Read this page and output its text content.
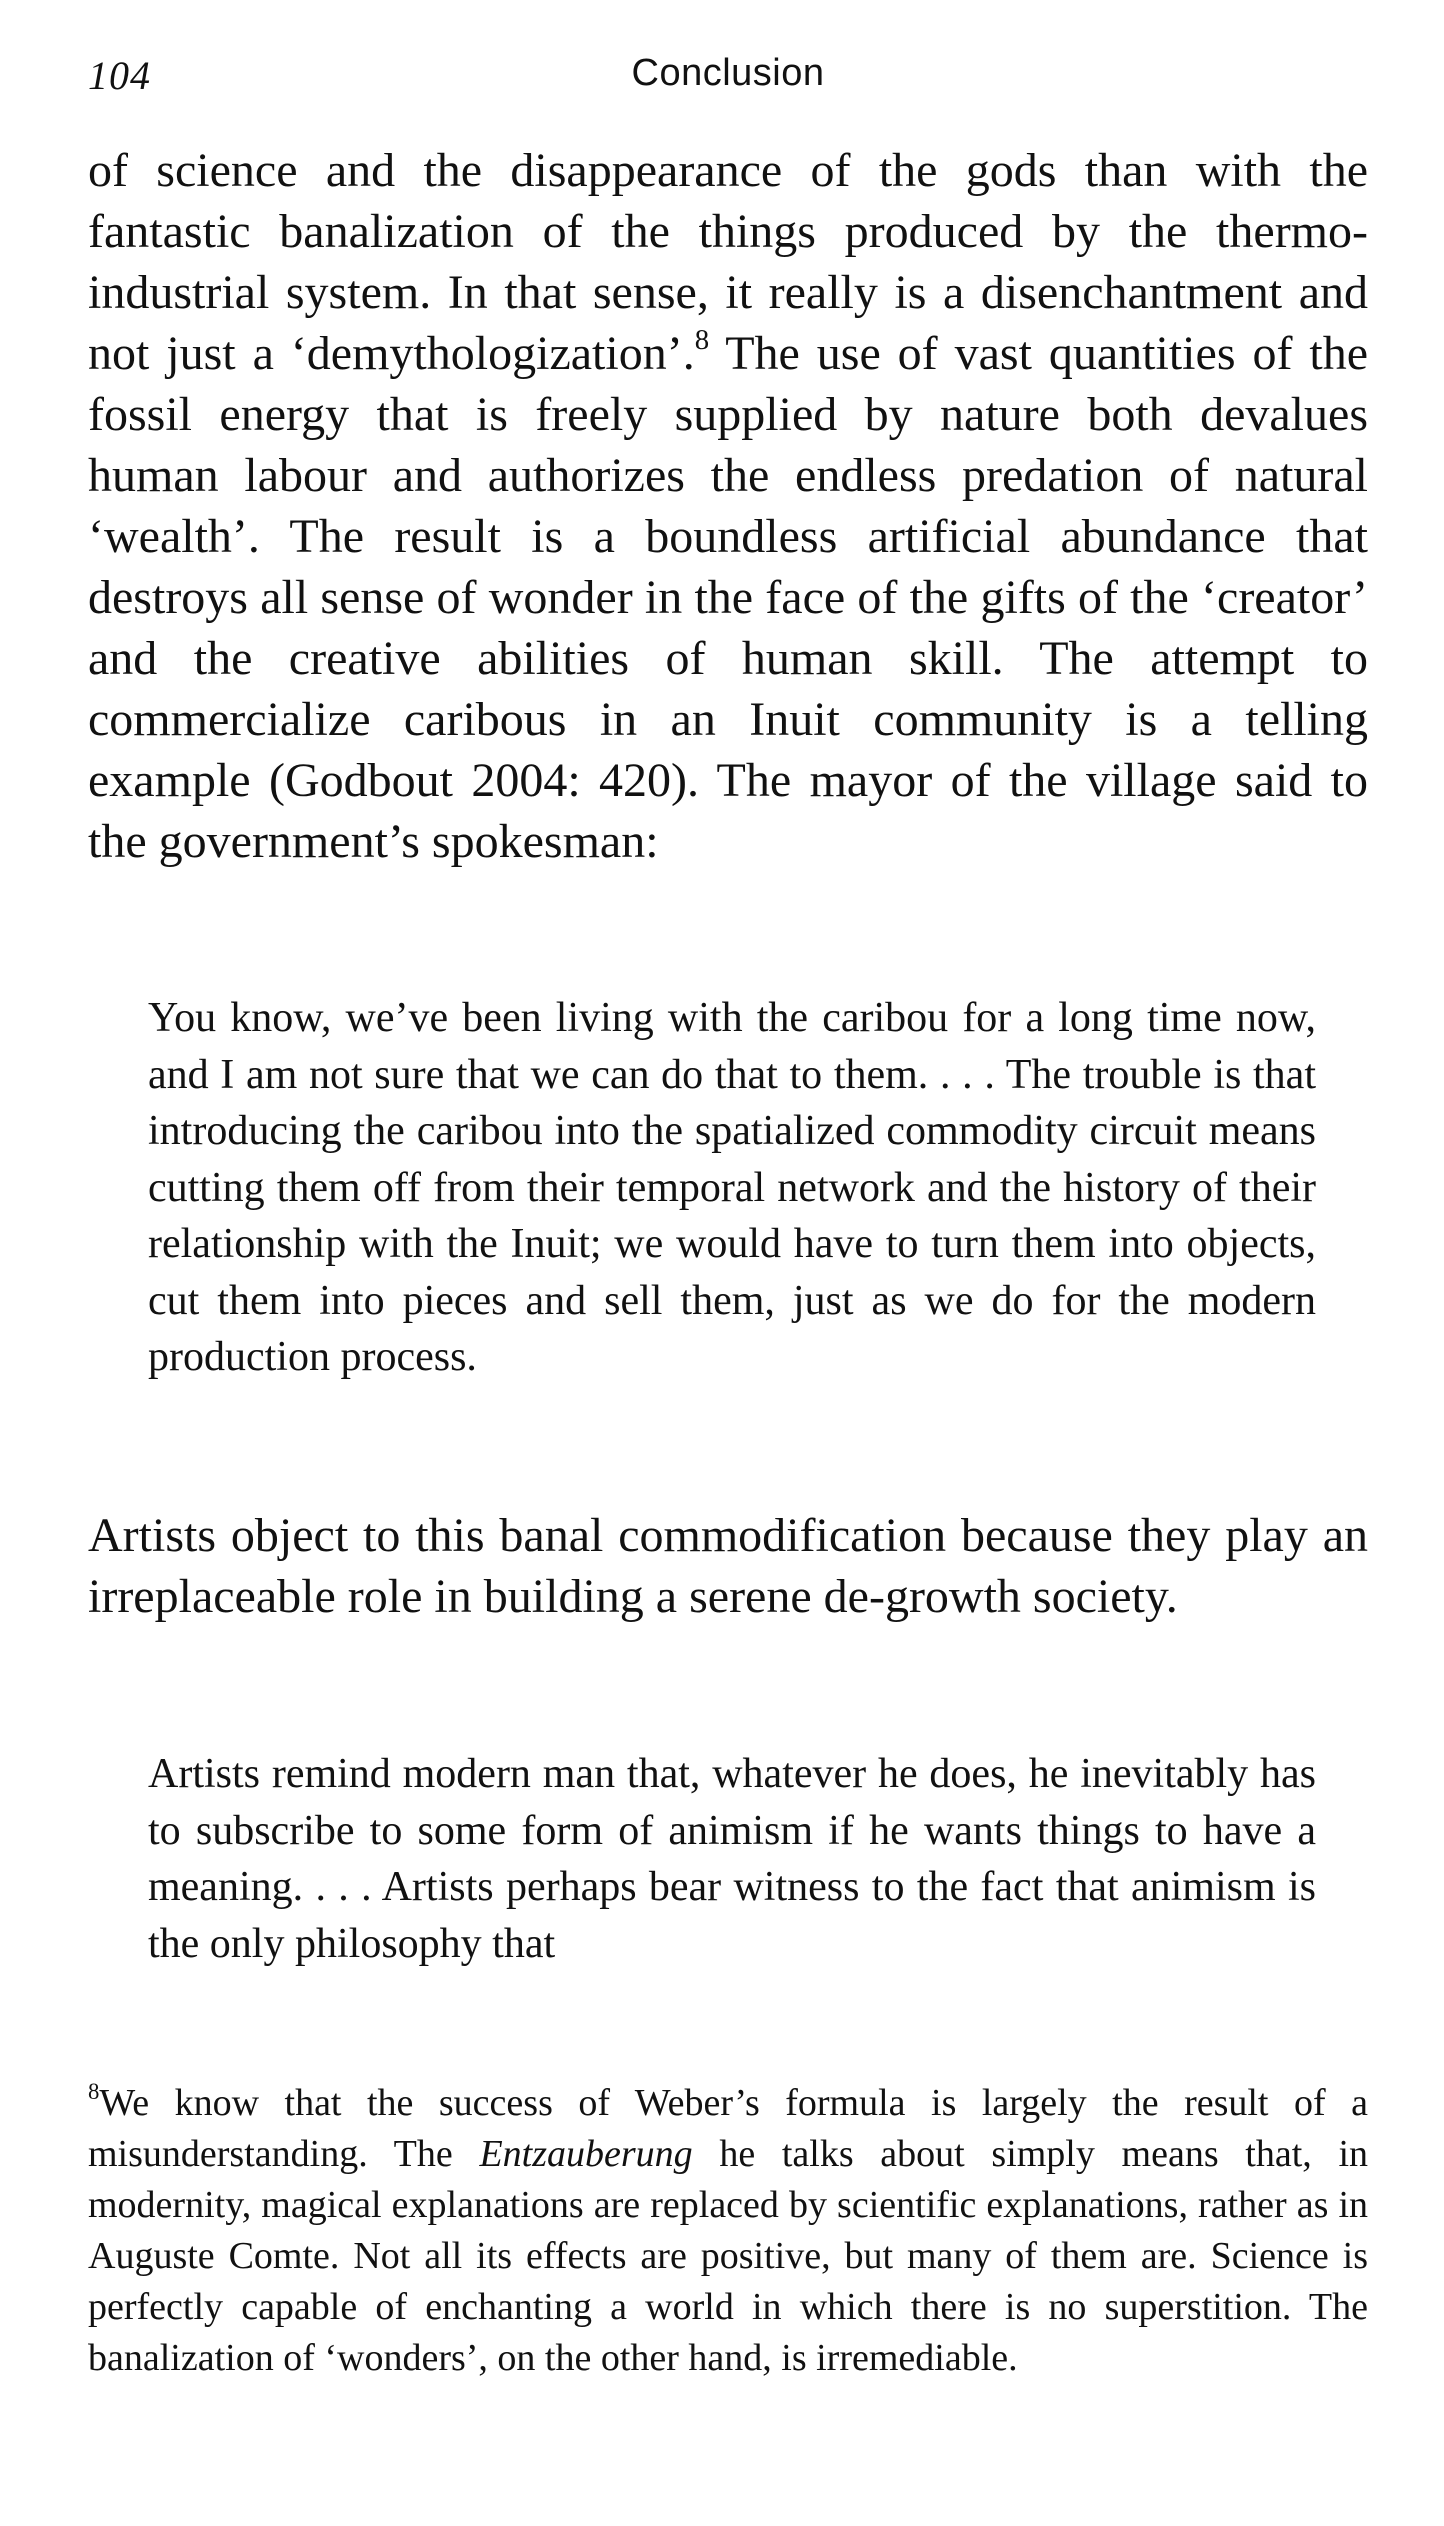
104	Conclusion

of science and the disappearance of the gods than with the fantastic banalization of the things produced by the thermo-industrial system. In that sense, it really is a disenchantment and not just a ‘demythologization’.$^8$ The use of vast quantities of the fossil energy that is freely supplied by nature both devalues human labour and authorizes the endless predation of natural ‘wealth’. The result is a boundless artificial abundance that destroys all sense of wonder in the face of the gifts of the ‘creator’ and the creative abilities of human skill. The attempt to commercialize caribous in an Inuit community is a telling example (Godbout 2004: 420). The mayor of the village said to the government’s spokesman:

You know, we’ve been living with the caribou for a long time now, and I am not sure that we can do that to them. . . . The trouble is that introducing the caribou into the spatialized commodity circuit means cutting them off from their temporal network and the history of their relationship with the Inuit; we would have to turn them into objects, cut them into pieces and sell them, just as we do for the modern production process.

Artists object to this banal commodification because they play an irreplaceable role in building a serene de-growth society.

Artists remind modern man that, whatever he does, he inevitably has to subscribe to some form of animism if he wants things to have a meaning. . . . Artists perhaps bear witness to the fact that animism is the only philosophy that

$^8$We know that the success of Weber’s formula is largely the result of a misunderstanding. The Entzauberung he talks about simply means that, in modernity, magical explanations are replaced by scientific explanations, rather as in Auguste Comte. Not all its effects are positive, but many of them are. Science is perfectly capable of enchanting a world in which there is no superstition. The banalization of ‘wonders’, on the other hand, is irremediable.
